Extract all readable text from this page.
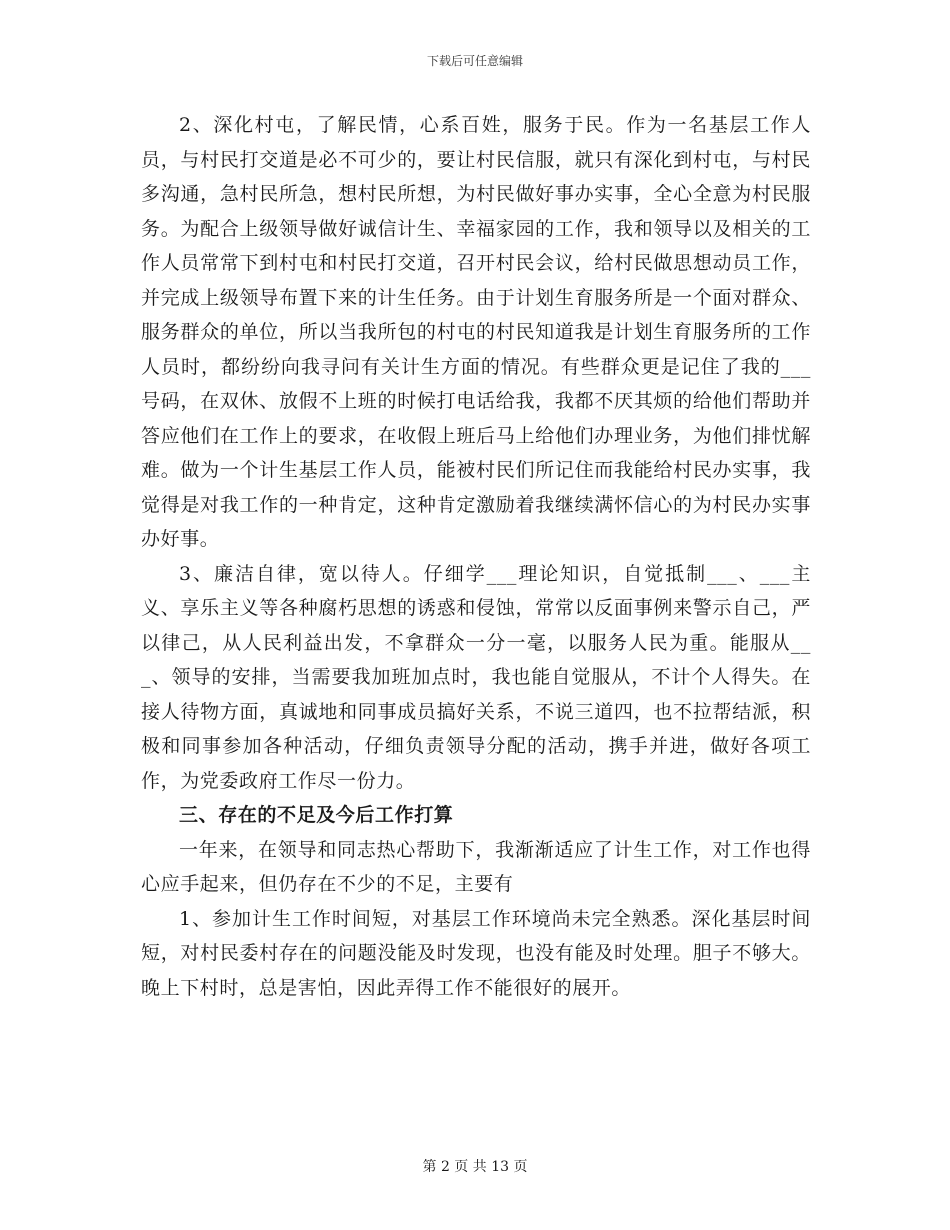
下载后可任意编辑

2、深化村屯，了解民情，心系百姓，服务于民。作为一名基层工作人员，与村民打交道是必不可少的，要让村民信服，就只有深化到村屯，与村民多沟通，急村民所急，想村民所想，为村民做好事办实事，全心全意为村民服务。为配合上级领导做好诚信计生、幸福家园的工作，我和领导以及相关的工作人员常常下到村屯和村民打交道，召开村民会议，给村民做思想动员工作，并完成上级领导布置下来的计生任务。由于计划生育服务所是一个面对群众、服务群众的单位，所以当我所包的村屯的村民知道我是计划生育服务所的工作人员时，都纷纷向我寻问有关计生方面的情况。有些群众更是记住了我的___号码，在双休、放假不上班的时候打电话给我，我都不厌其烦的给他们帮助并答应他们在工作上的要求，在收假上班后马上给他们办理业务，为他们排忧解难。做为一个计生基层工作人员，能被村民们所记住而我能给村民办实事，我觉得是对我工作的一种肯定，这种肯定激励着我继续满怀信心的为村民办实事办好事。

3、廉洁自律，宽以待人。仔细学___理论知识，自觉抵制___、___主义、享乐主义等各种腐朽思想的诱惑和侵蚀，常常以反面事例来警示自己，严以律己，从人民利益出发，不拿群众一分一毫，以服务人民为重。能服从___、领导的安排，当需要我加班加点时，我也能自觉服从，不计个人得失。在接人待物方面，真诚地和同事成员搞好关系，不说三道四，也不拉帮结派，积极和同事参加各种活动，仔细负责领导分配的活动，携手并进，做好各项工作，为党委政府工作尽一份力。

三、存在的不足及今后工作打算

一年来，在领导和同志热心帮助下，我渐渐适应了计生工作，对工作也得心应手起来，但仍存在不少的不足，主要有

1、参加计生工作时间短，对基层工作环境尚未完全熟悉。深化基层时间短，对村民委村存在的问题没能及时发现，也没有能及时处理。胆子不够大。晚上下村时，总是害怕，因此弄得工作不能很好的展开。

第 2 页 共 13 页
